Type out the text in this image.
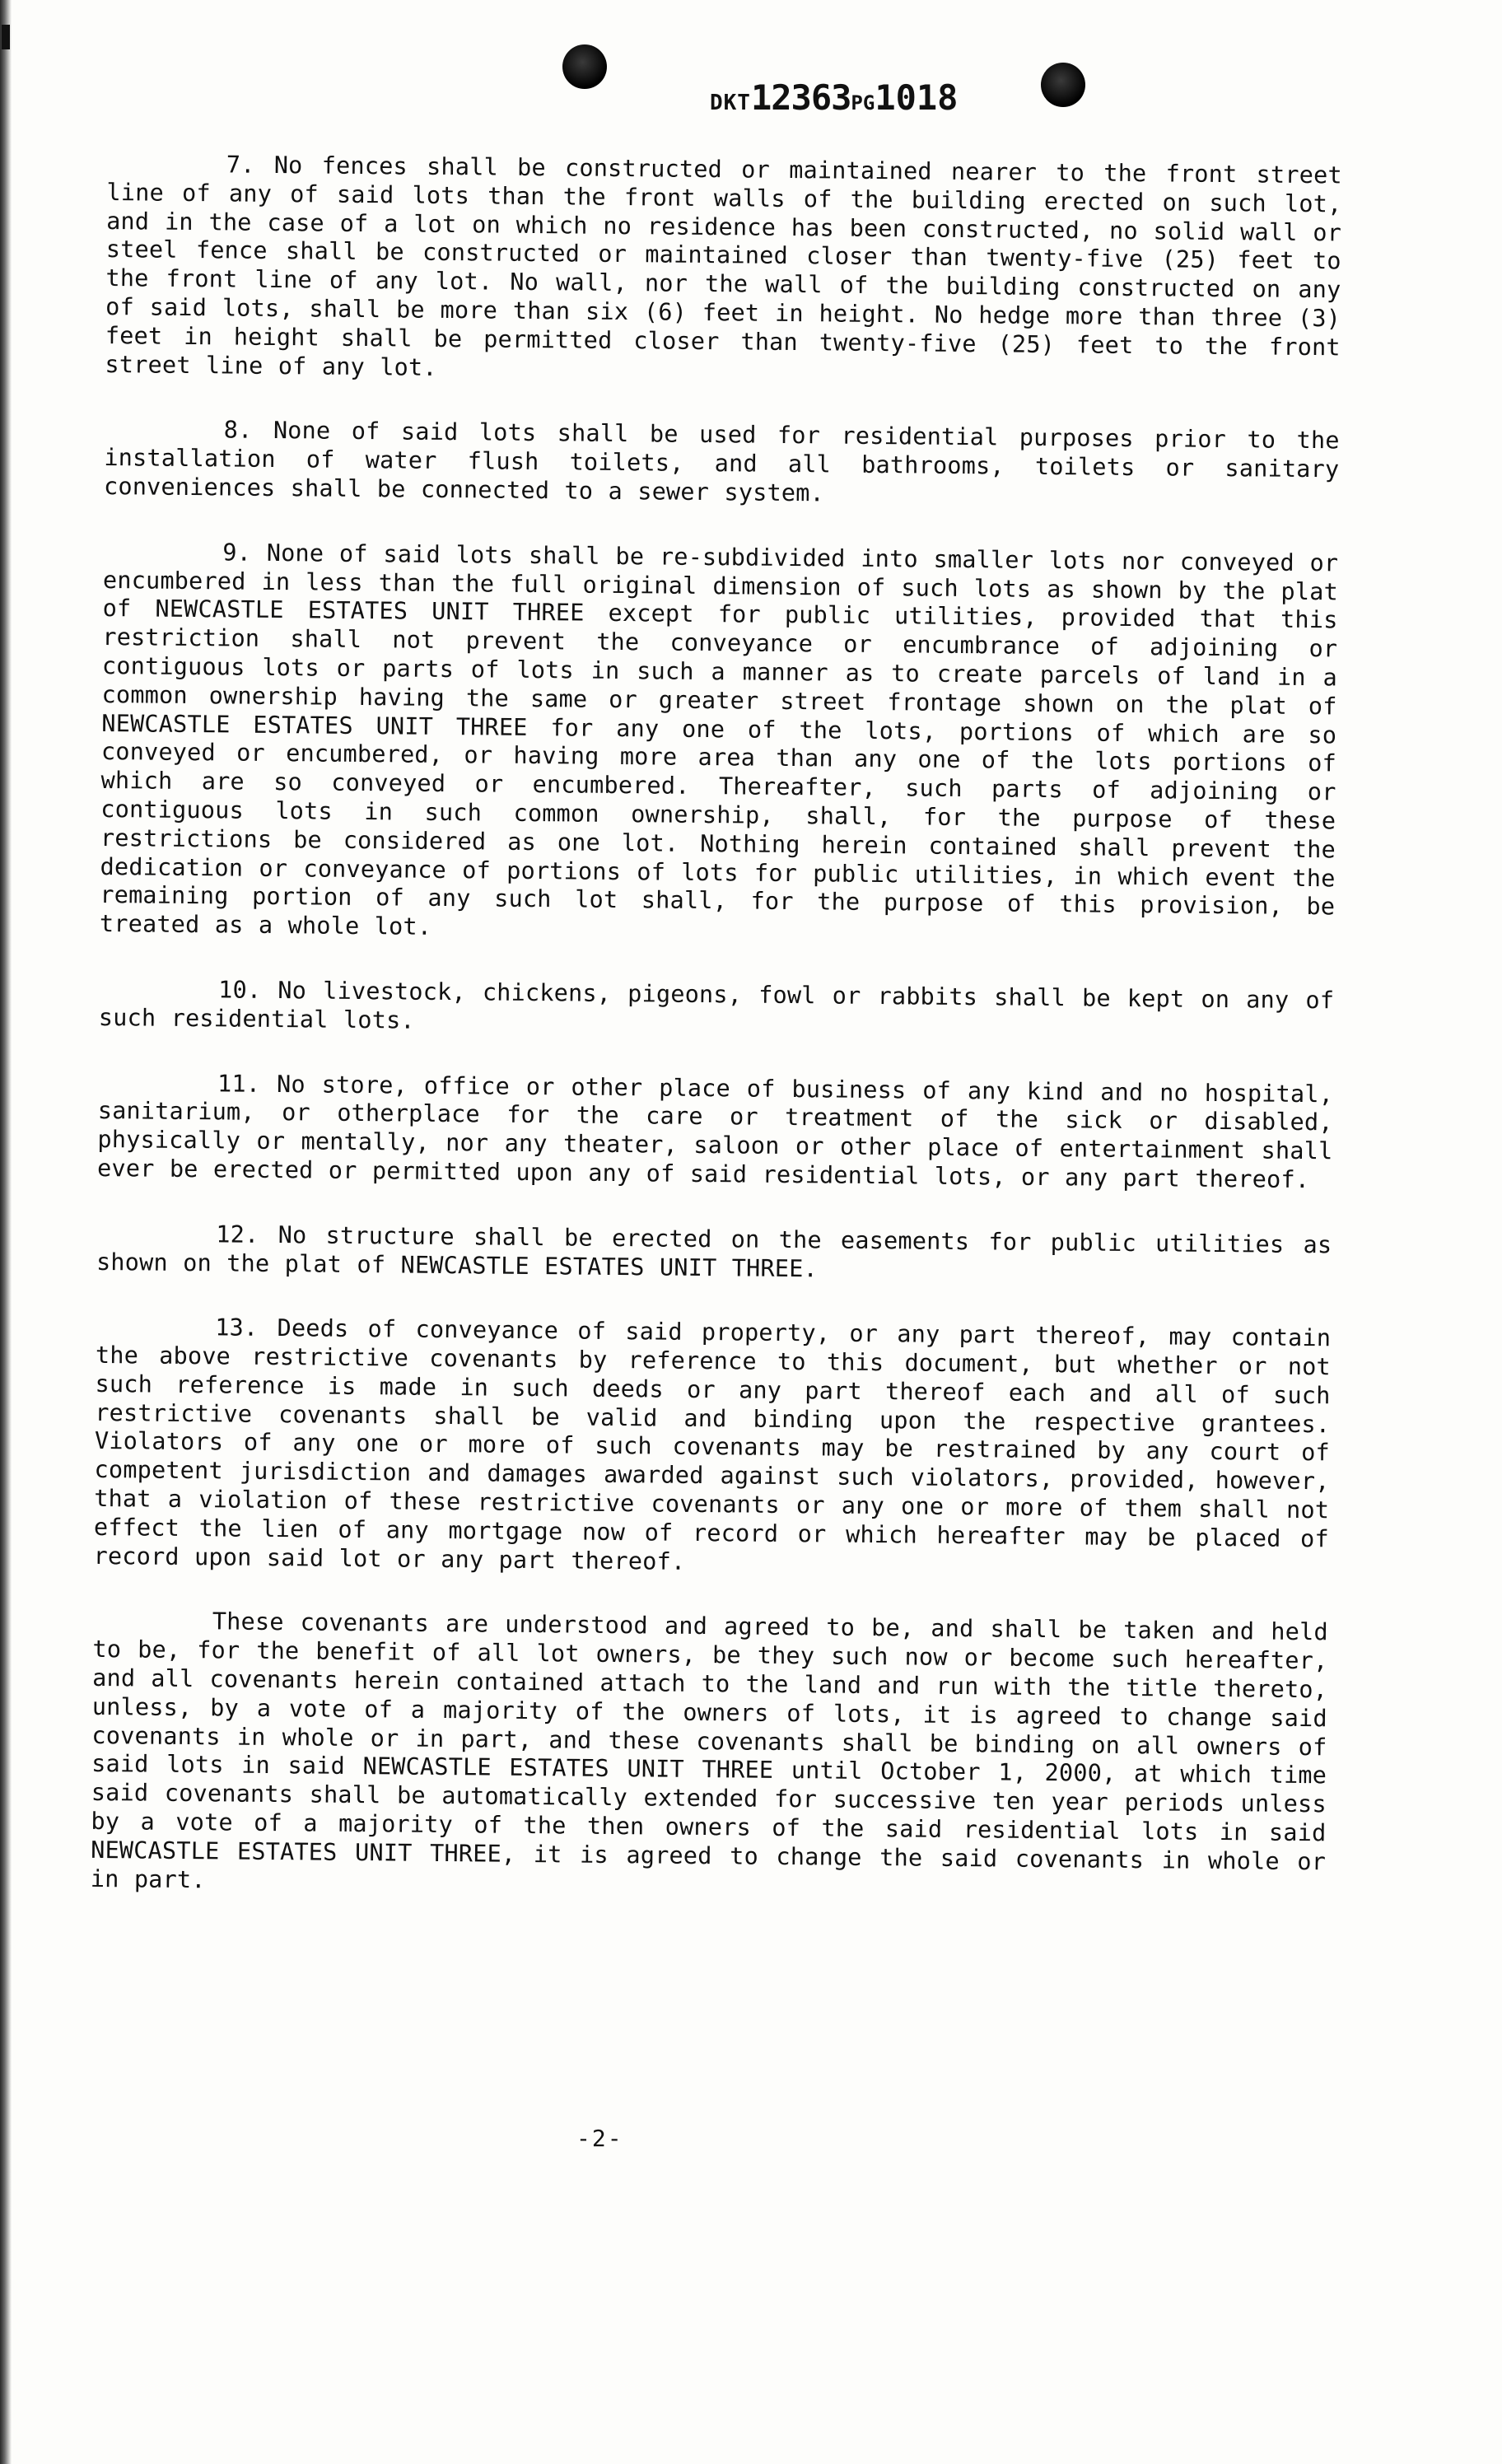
DKT12363PG1018

7. No fences shall be constructed or maintained nearer to the front street line of any of said lots than the front walls of the building erected on such lot, and in the case of a lot on which no residence has been constructed, no solid wall or steel fence shall be constructed or maintained closer than twenty-five (25) feet to the front line of any lot. No wall, nor the wall of the building constructed on any of said lots, shall be more than six (6) feet in height. No hedge more than three (3) feet in height shall be permitted closer than twenty-five (25) feet to the front street line of any lot.

8. None of said lots shall be used for residential purposes prior to the installation of water flush toilets, and all bathrooms, toilets or sanitary conveniences shall be connected to a sewer system.

9. None of said lots shall be re-subdivided into smaller lots nor conveyed or encumbered in less than the full original dimension of such lots as shown by the plat of NEWCASTLE ESTATES UNIT THREE except for public utilities, provided that this restriction shall not prevent the conveyance or encumbrance of adjoining or contiguous lots or parts of lots in such a manner as to create parcels of land in a common ownership having the same or greater street frontage shown on the plat of NEWCASTLE ESTATES UNIT THREE for any one of the lots, portions of which are so conveyed or encumbered, or having more area than any one of the lots portions of which are so conveyed or encumbered. Thereafter, such parts of adjoining or contiguous lots in such common ownership, shall, for the purpose of these restrictions be considered as one lot. Nothing herein contained shall prevent the dedication or conveyance of portions of lots for public utilities, in which event the remaining portion of any such lot shall, for the purpose of this provision, be treated as a whole lot.

10. No livestock, chickens, pigeons, fowl or rabbits shall be kept on any of such residential lots.

11. No store, office or other place of business of any kind and no hospital, sanitarium, or otherplace for the care or treatment of the sick or disabled, physically or mentally, nor any theater, saloon or other place of entertainment shall ever be erected or permitted upon any of said residential lots, or any part thereof.

12. No structure shall be erected on the easements for public utilities as shown on the plat of NEWCASTLE ESTATES UNIT THREE.

13. Deeds of conveyance of said property, or any part thereof, may contain the above restrictive covenants by reference to this document, but whether or not such reference is made in such deeds or any part thereof each and all of such restrictive covenants shall be valid and binding upon the respective grantees. Violators of any one or more of such covenants may be restrained by any court of competent jurisdiction and damages awarded against such violators, provided, however, that a violation of these restrictive covenants or any one or more of them shall not effect the lien of any mortgage now of record or which hereafter may be placed of record upon said lot or any part thereof.

These covenants are understood and agreed to be, and shall be taken and held to be, for the benefit of all lot owners, be they such now or become such hereafter, and all covenants herein contained attach to the land and run with the title thereto, unless, by a vote of a majority of the owners of lots, it is agreed to change said covenants in whole or in part, and these covenants shall be binding on all owners of said lots in said NEWCASTLE ESTATES UNIT THREE until October 1, 2000, at which time said covenants shall be automatically extended for successive ten year periods unless by a vote of a majority of the then owners of the said residential lots in said NEWCASTLE ESTATES UNIT THREE, it is agreed to change the said covenants in whole or in part.

-2-
